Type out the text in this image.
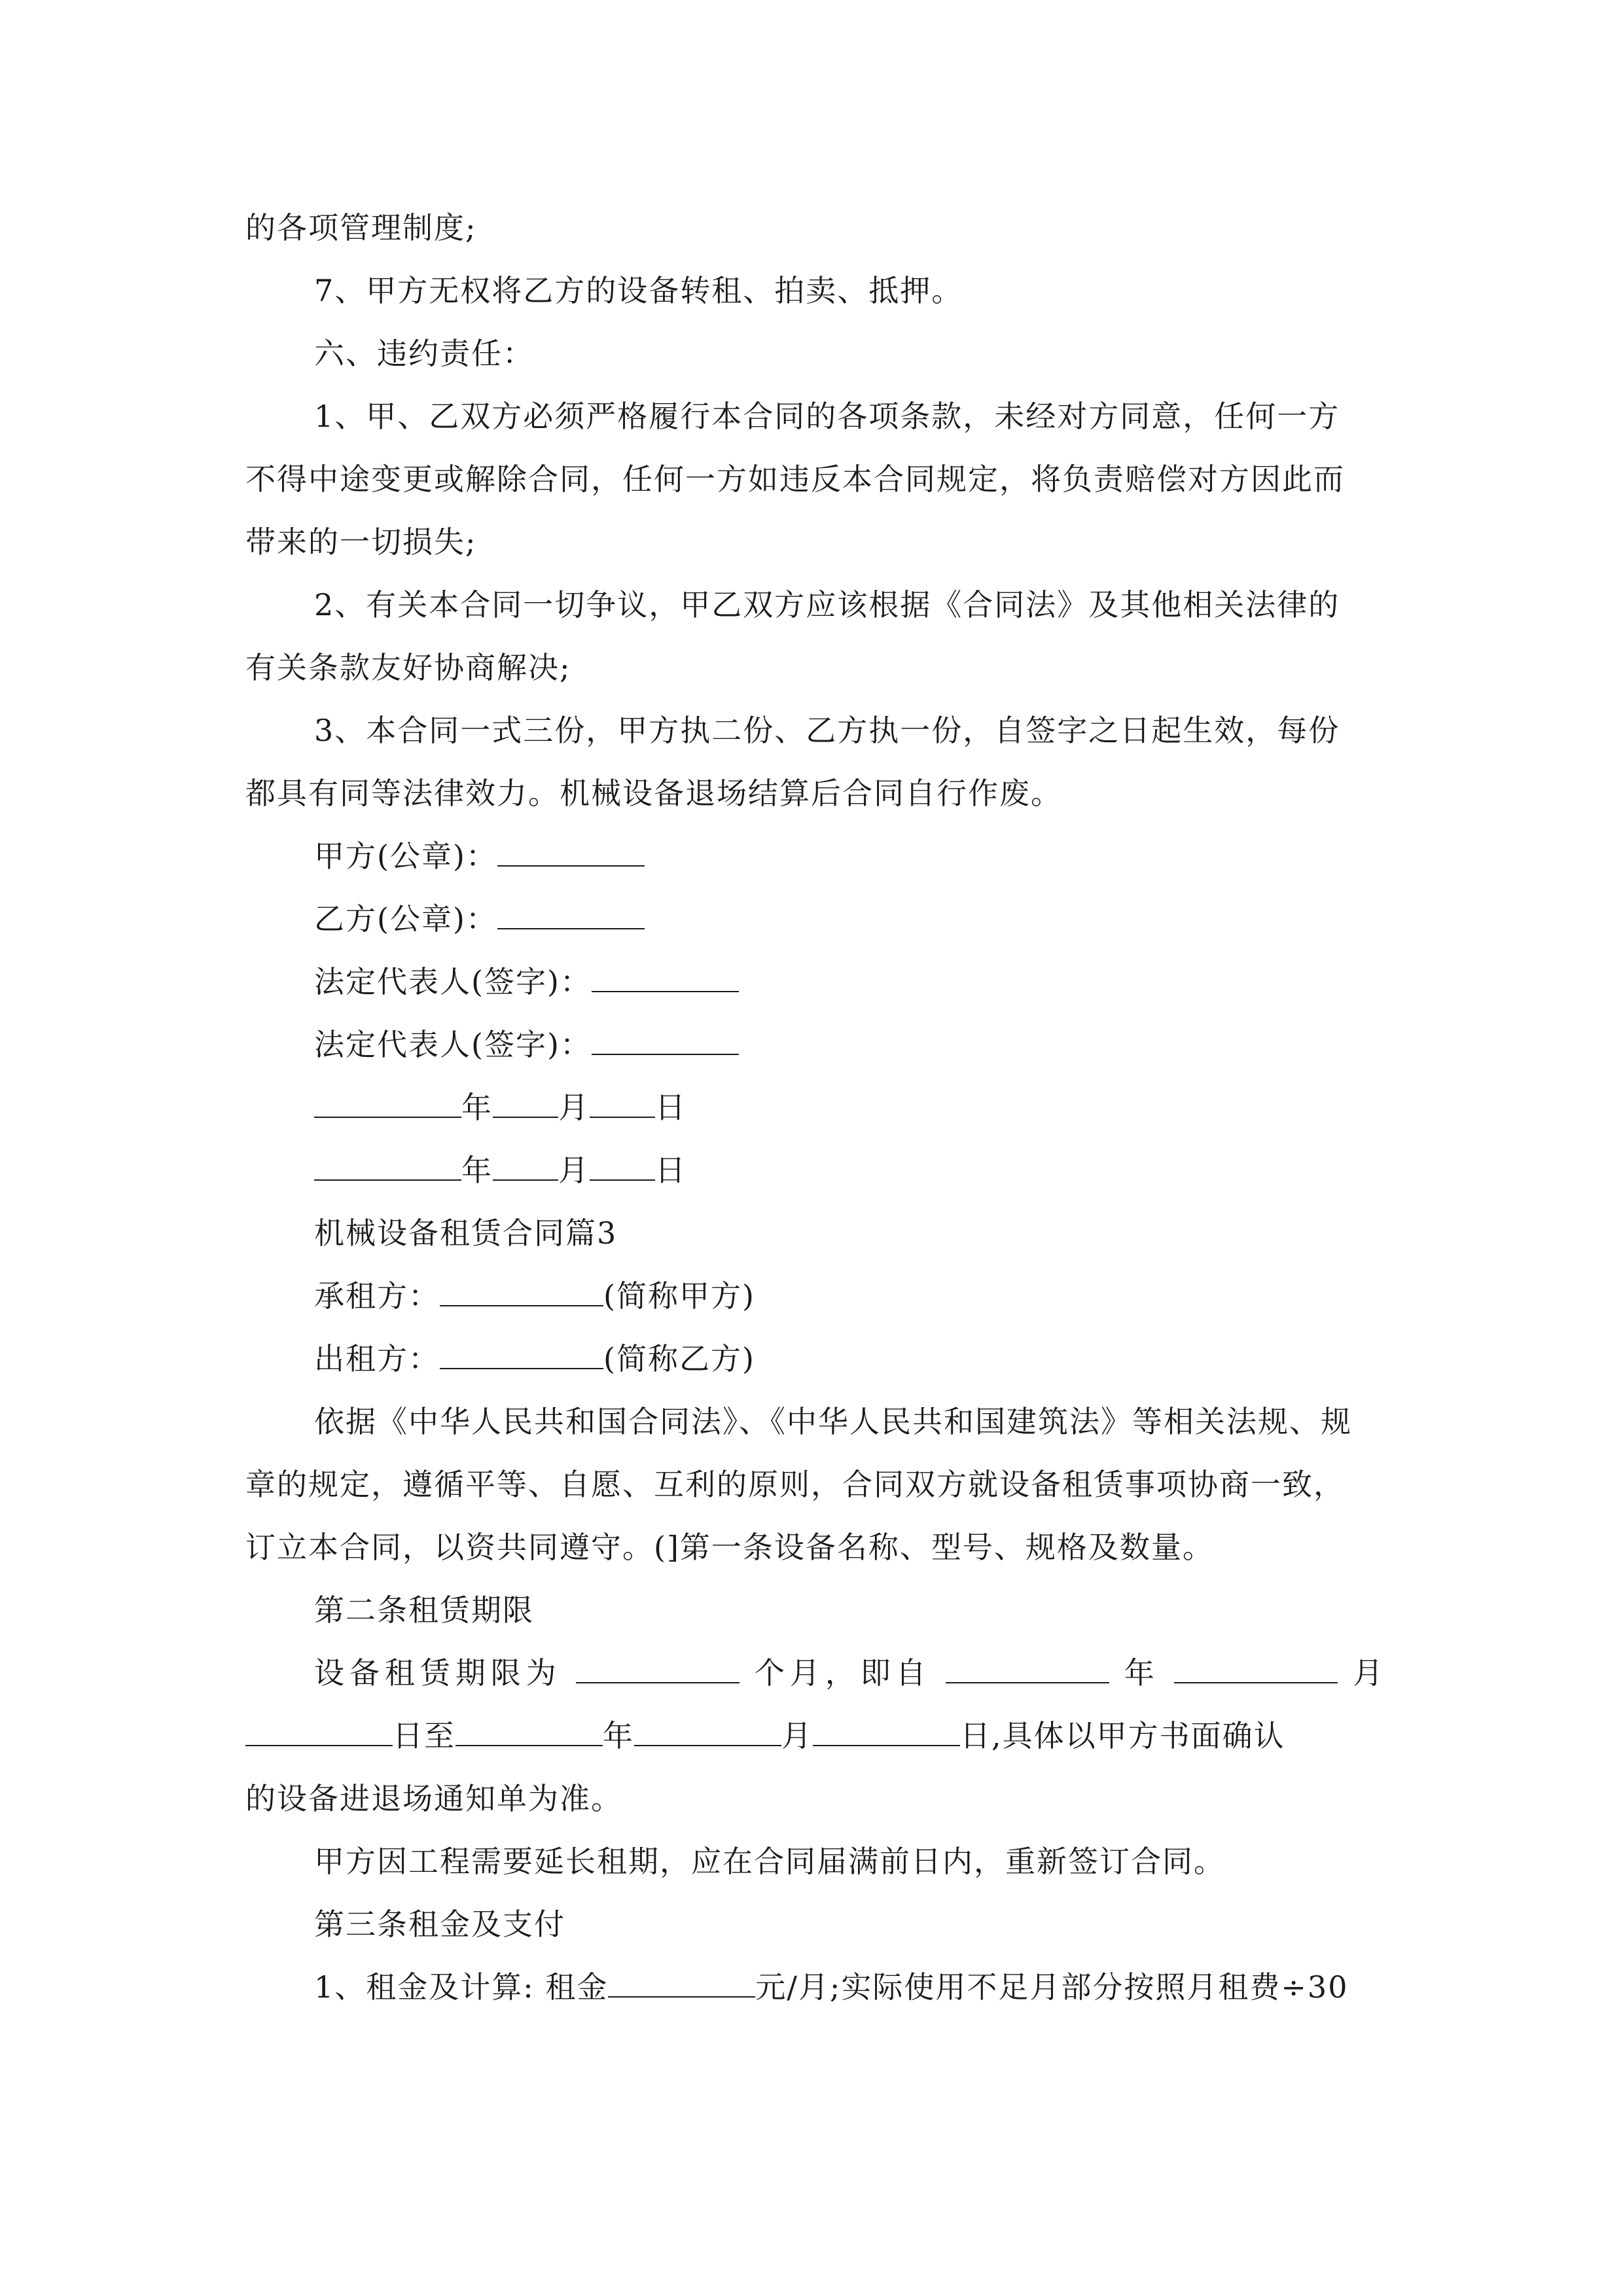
的各项管理制度;
7、甲方无权将乙方的设备转租、拍卖、抵押。
六、违约责任：
1、甲、乙双方必须严格履行本合同的各项条款，未经对方同意，任何一方
不得中途变更或解除合同，任何一方如违反本合同规定，将负责赔偿对方因此而
带来的一切损失;
2、有关本合同一切争议，甲乙双方应该根据《合同法》及其他相关法律的
有关条款友好协商解决;
3、本合同一式三份，甲方执二份、乙方执一份，自签字之日起生效，每份
都具有同等法律效力。机械设备退场结算后合同自行作废。
甲方(公章)：
乙方(公章)：
法定代表人(签字)：
法定代表人(签字)：
年 月 日
年 月 日
机械设备租赁合同篇3
承租方：	(简称甲方)
出租方：	(简称乙方)
依据《中华人民共和国合同法》、《中华人民共和国建筑法》等相关法规、规
章的规定，遵循平等、自愿、互利的原则，合同双方就设备租赁事项协商一致，
订立本合同，以资共同遵守。(]第一条设备名称、型号、规格及数量。
第二条租赁期限
设备租赁期限为	个月，即自	年	月
日至	年	月	日,具体以甲方书面确认
的设备进退场通知单为准。
甲方因工程需要延长租期，应在合同届满前日内，重新签订合同。
第三条租金及支付
1、租金及计算: 租金	元/月;实际使用不足月部分按照月租费÷30
